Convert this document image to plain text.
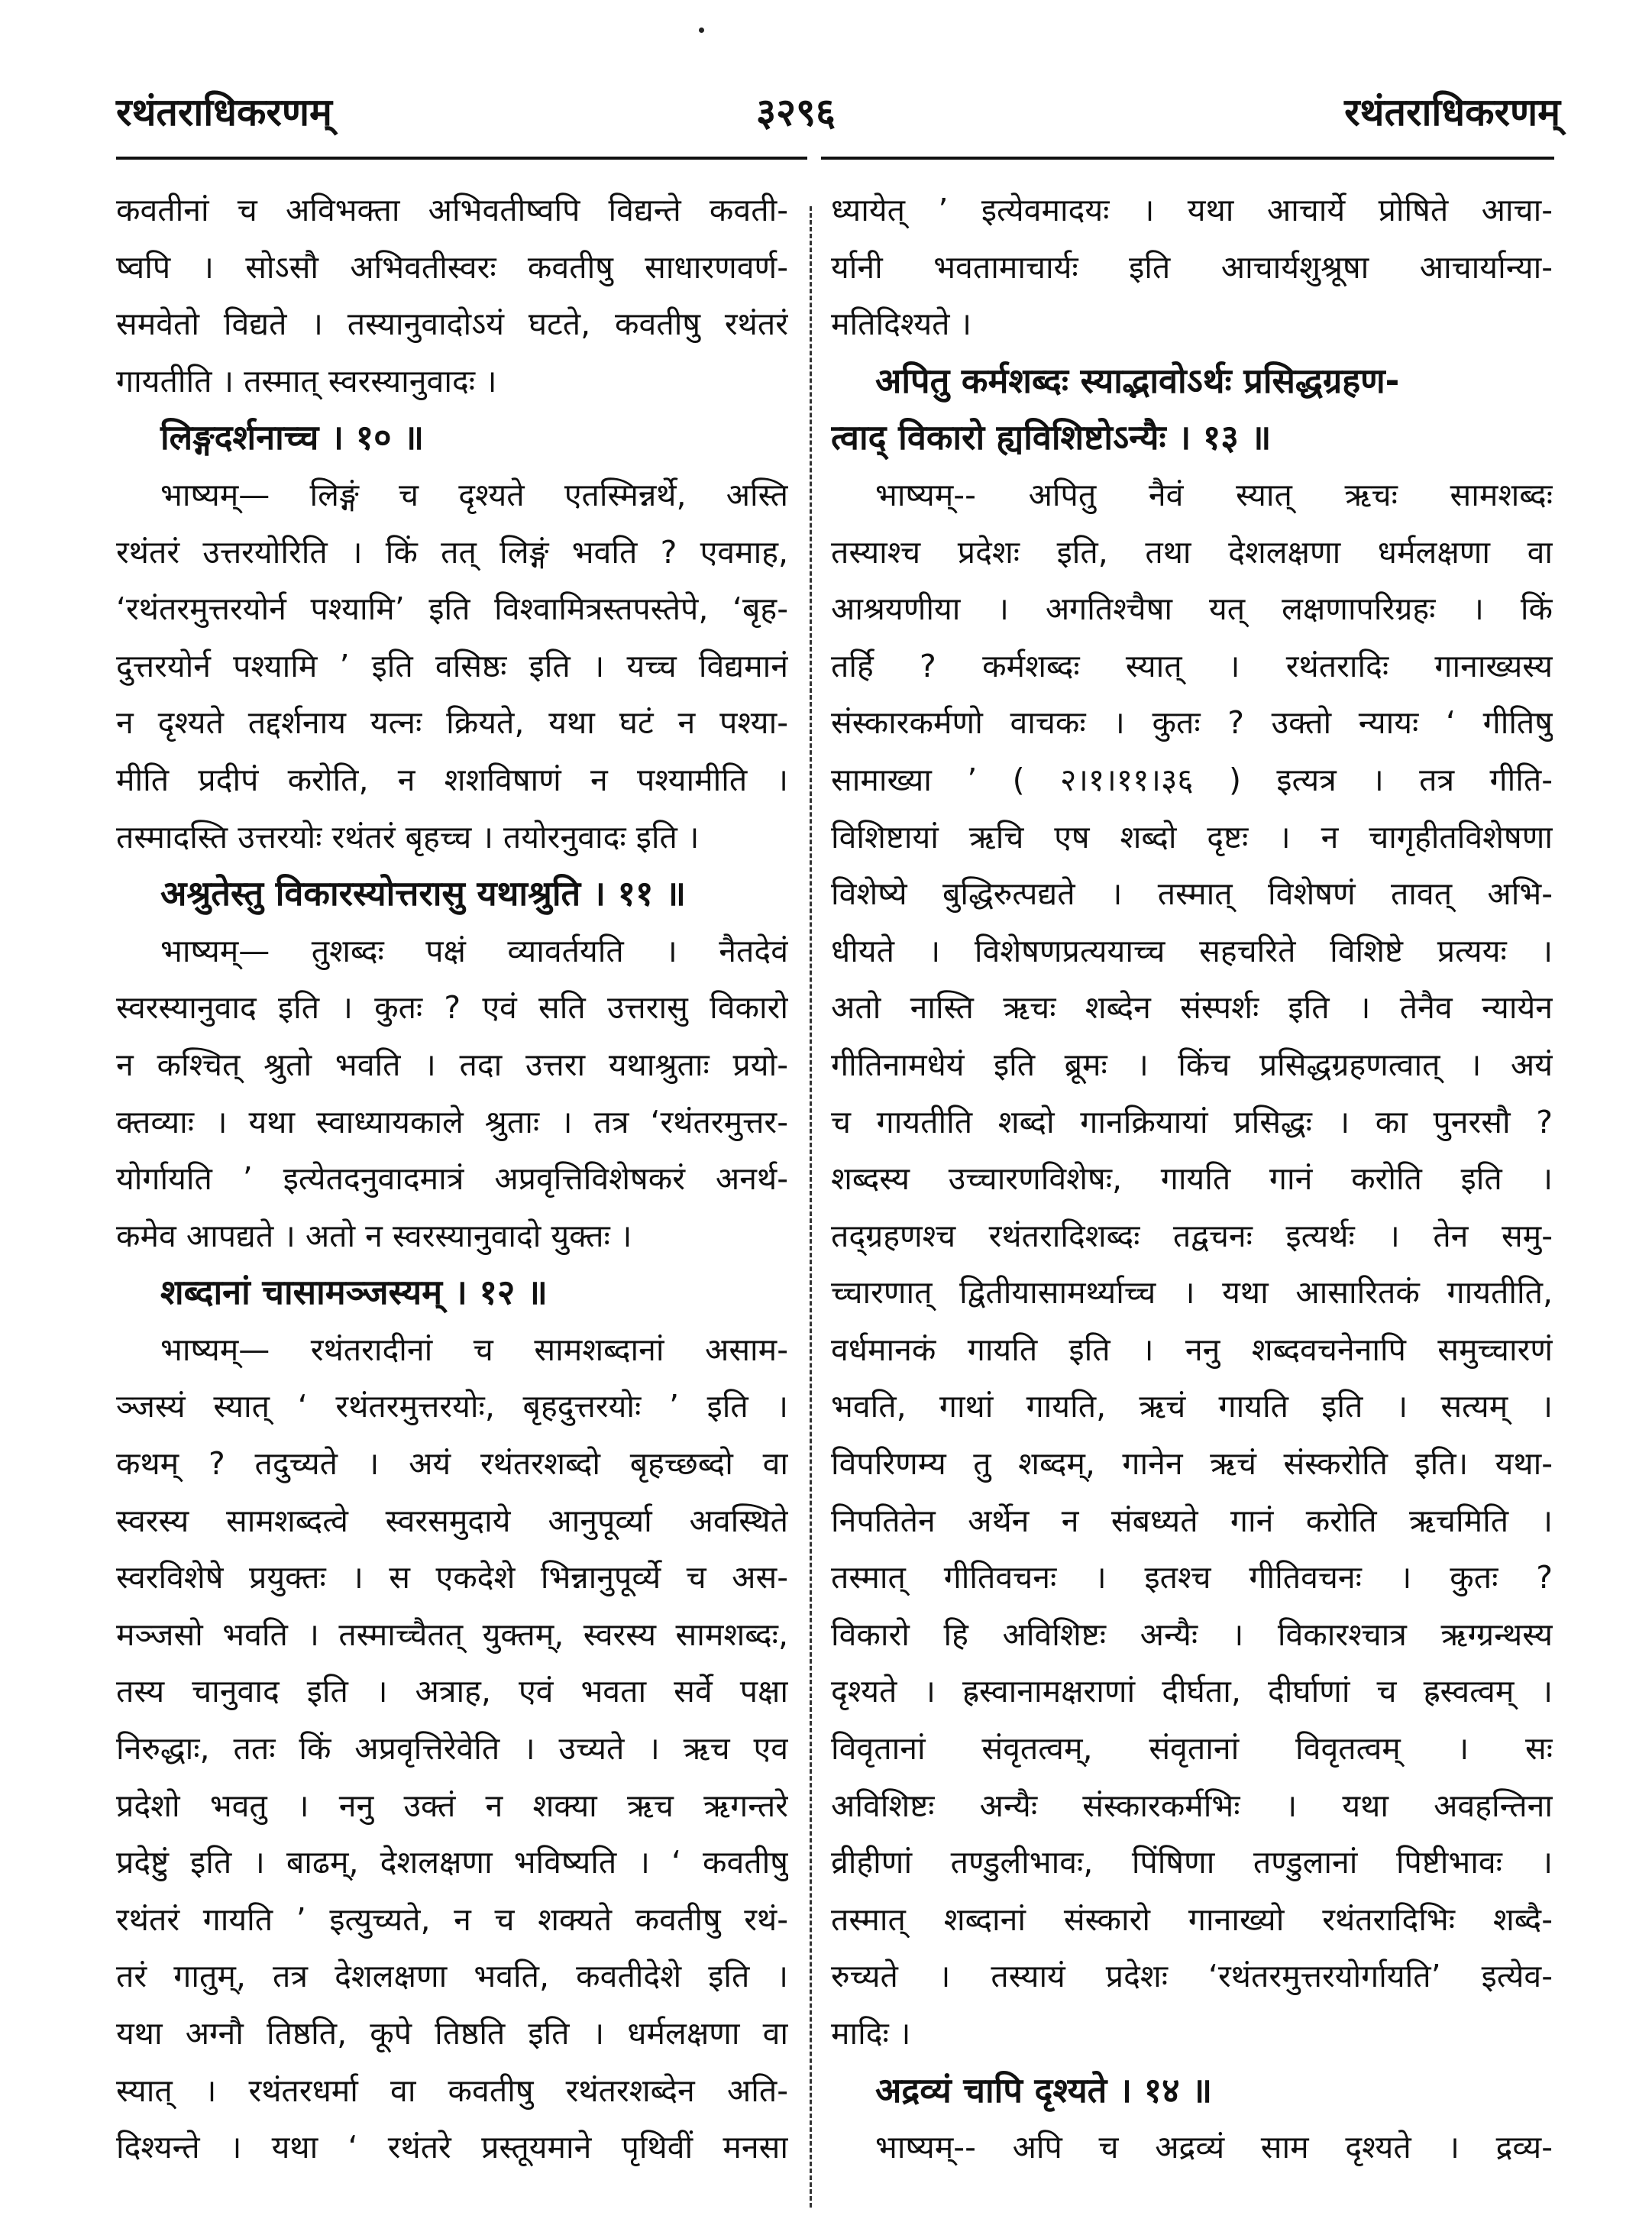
रथंतराधिकरणम्	३२९६	रथंतराधिकरणम्
कवतीनां च अविभक्ता अभिवतीष्वपि विद्यन्ते कवती-
ष्वपि । सोऽसौ अभिवतीस्वरः कवतीषु साधारणवर्ण-
समवेतो विद्यते । तस्यानुवादोऽयं घटते, कवतीषु रथंतरं
गायतीति । तस्मात् स्वरस्यानुवादः ।
लिङ्गदर्शनाच्च । १० ॥
भाष्यम्— लिङ्गं च दृश्यते एतस्मिन्नर्थे, अस्ति
रथंतरं उत्तरयोरिति । किं तत् लिङ्गं भवति ? एवमाह,
‘रथंतरमुत्तरयोर्न पश्यामि’ इति विश्वामित्रस्तपस्तेपे, ‘बृह-
दुत्तरयोर्न पश्यामि ’ इति वसिष्ठः इति । यच्च विद्यमानं
न दृश्यते तद्दर्शनाय यत्नः क्रियते, यथा घटं न पश्या-
मीति प्रदीपं करोति, न शशविषाणं न पश्यामीति ।
तस्मादस्ति उत्तरयोः रथंतरं बृहच्च । तयोरनुवादः इति ।
अश्रुतेस्तु विकारस्योत्तरासु यथाश्रुति । ११ ॥
भाष्यम्— तुशब्दः पक्षं व्यावर्तयति । नैतदेवं
स्वरस्यानुवाद इति । कुतः ? एवं सति उत्तरासु विकारो
न कश्चित् श्रुतो भवति । तदा उत्तरा यथाश्रुताः प्रयो-
क्तव्याः । यथा स्वाध्यायकाले श्रुताः । तत्र ‘रथंतरमुत्तर-
योर्गायति ’ इत्येतदनुवादमात्रं अप्रवृत्तिविशेषकरं अनर्थ-
कमेव आपद्यते । अतो न स्वरस्यानुवादो युक्तः ।
शब्दानां चासामञ्जस्यम् । १२ ॥
भाष्यम्— रथंतरादीनां च सामशब्दानां असाम-
ञ्जस्यं स्यात् ‘ रथंतरमुत्तरयोः, बृहदुत्तरयोः ’ इति ।
कथम् ? तदुच्यते । अयं रथंतरशब्दो बृहच्छब्दो वा
स्वरस्य सामशब्दत्वे स्वरसमुदाये आनुपूर्व्या अवस्थिते
स्वरविशेषे प्रयुक्तः । स एकदेशे भिन्नानुपूर्व्ये च अस-
मञ्जसो भवति । तस्माच्चैतत् युक्तम्, स्वरस्य सामशब्दः,
तस्य चानुवाद इति । अत्राह, एवं भवता सर्वे पक्षा
निरुद्धाः, ततः किं अप्रवृत्तिरेवेति । उच्यते । ऋच एव
प्रदेशो भवतु । ननु उक्तं न शक्या ऋच ऋगन्तरे
प्रदेष्टुं इति । बाढम्, देशलक्षणा भविष्यति । ‘ कवतीषु
रथंतरं गायति ’ इत्युच्यते, न च शक्यते कवतीषु रथं-
तरं गातुम्, तत्र देशलक्षणा भवति, कवतीदेशे इति ।
यथा अग्नौ तिष्ठति, कूपे तिष्ठति इति । धर्मलक्षणा वा
स्यात् । रथंतरधर्मा वा कवतीषु रथंतरशब्देन अति-
दिश्यन्ते । यथा ‘ रथंतरे प्रस्तूयमाने पृथिवीं मनसा
ध्यायेत् ’ इत्येवमादयः । यथा आचार्ये प्रोषिते आचा-
र्यानी भवतामाचार्यः इति आचार्यशुश्रूषा आचार्यान्या-
मतिदिश्यते ।
अपितु कर्मशब्दः स्याद्भावोऽर्थः प्रसिद्धग्रहण-
त्वाद् विकारो ह्यविशिष्टोऽन्यैः । १३ ॥
भाष्यम्-- अपितु नैवं स्यात् ऋचः सामशब्दः
तस्याश्च प्रदेशः इति, तथा देशलक्षणा धर्मलक्षणा वा
आश्रयणीया । अगतिश्चैषा यत् लक्षणापरिग्रहः । किं
तर्हि ? कर्मशब्दः स्यात् । रथंतरादिः गानाख्यस्य
संस्कारकर्मणो वाचकः । कुतः ? उक्तो न्यायः ‘ गीतिषु
सामाख्या ’ ( २।१।११।३६ ) इत्यत्र । तत्र गीति-
विशिष्टायां ऋचि एष शब्दो दृष्टः । न चागृहीतविशेषणा
विशेष्ये बुद्धिरुत्पद्यते । तस्मात् विशेषणं तावत् अभि-
धीयते । विशेषणप्रत्ययाच्च सहचरिते विशिष्टे प्रत्ययः ।
अतो नास्ति ऋचः शब्देन संस्पर्शः इति । तेनैव न्यायेन
गीतिनामधेयं इति ब्रूमः । किंच प्रसिद्धग्रहणत्वात् । अयं
च गायतीति शब्दो गानक्रियायां प्रसिद्धः । का पुनरसौ ?
शब्दस्य उच्चारणविशेषः, गायति गानं करोति इति ।
तद्ग्रहणश्च रथंतरादिशब्दः तद्वचनः इत्यर्थः । तेन समु-
च्चारणात् द्वितीयासामर्थ्याच्च । यथा आसारितकं गायतीति,
वर्धमानकं गायति इति । ननु शब्दवचनेनापि समुच्चारणं
भवति, गाथां गायति, ऋचं गायति इति । सत्यम् ।
विपरिणम्य तु शब्दम्, गानेन ऋचं संस्करोति इति। यथा-
निपतितेन अर्थेन न संबध्यते गानं करोति ऋचमिति ।
तस्मात् गीतिवचनः । इतश्च गीतिवचनः । कुतः ?
विकारो हि अविशिष्टः अन्यैः । विकारश्चात्र ऋग्ग्रन्थस्य
दृश्यते । ह्रस्वानामक्षराणां दीर्घता, दीर्घाणां च ह्रस्वत्वम् ।
विवृतानां संवृतत्वम्, संवृतानां विवृतत्वम् । सः
अविशिष्टः अन्यैः संस्कारकर्मभिः । यथा अवहन्तिना
व्रीहीणां तण्डुलीभावः, पिंषिणा तण्डुलानां पिष्टीभावः ।
तस्मात् शब्दानां संस्कारो गानाख्यो रथंतरादिभिः शब्दै-
रुच्यते । तस्यायं प्रदेशः ‘रथंतरमुत्तरयोर्गायति’ इत्येव-
मादिः ।
अद्रव्यं चापि दृश्यते । १४ ॥
भाष्यम्-- अपि च अद्रव्यं साम दृश्यते । द्रव्य-
